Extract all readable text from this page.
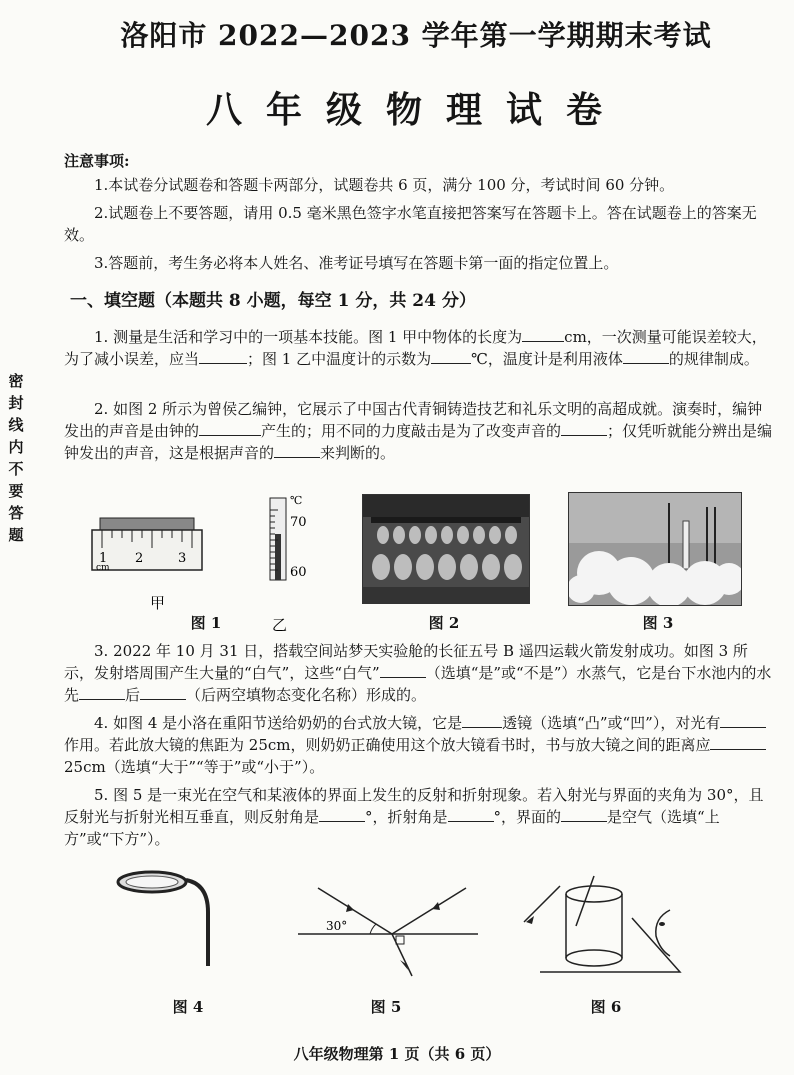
洛阳市 2022—2023 学年第一学期期末考试
八年级物理试卷
密
封
线
内
不
要
答
题
注意事项:
1.本试卷分试题卷和答题卡两部分，试题卷共 6 页，满分 100 分，考试时间 60 分钟。
2.试题卷上不要答题，请用 0.5 毫米黑色签字水笔直接把答案写在答题卡上。答在试题卷上的答案无效。
3.答题前，考生务必将本人姓名、准考证号填写在答题卡第一面的指定位置上。
一、填空题（本题共 8 小题，每空 1 分，共 24 分）
1. 测量是生活和学习中的一项基本技能。图 1 甲中物体的长度为	cm，一次测量可能误差较大，为了减小误差，应当	；图 1 乙中温度计的示数为	℃，温度计是利用液体	的规律制成。
2. 如图 2 所示为曾侯乙编钟，它展示了中国古代青铜铸造技艺和礼乐文明的高超成就。演奏时，编钟发出的声音是由钟的	产生的；用不同的力度敲击是为了改变声音的	；仅凭听就能分辨出是编钟发出的声音，这是根据声音的	来判断的。
1 2	3
cm
℃
70
60
甲
乙
图 1	图 2	图 3
3. 2022 年 10 月 31 日，搭载空间站梦天实验舱的长征五号 B 遥四运载火箭发射成功。如图 3 所示，发射塔周围产生大量的“白气”，这些“白气”	（选填“是”或“不是”）水蒸气，它是台下水池内的水先	后	（后两空填物态变化名称）形成的。
4. 如图 4 是小洛在重阳节送给奶奶的台式放大镜，它是	透镜（选填“凸”或“凹”），对光有作用。若此放大镜的焦距为 25cm，则奶奶正确使用这个放大镜看书时，书与放大镜之间的距离应25cm（选填“大于”“等于”或“小于”）。
5. 图 5 是一束光在空气和某液体的界面上发生的反射和折射现象。若入射光与界面的夹角为 30°，且反射光与折射光相互垂直，则反射角是	°，折射角是	°，界面的	是空气（选填“上方”或“下方”）。
图 4
30°
图 5	图 6
八年级物理第 1 页（共 6 页）
